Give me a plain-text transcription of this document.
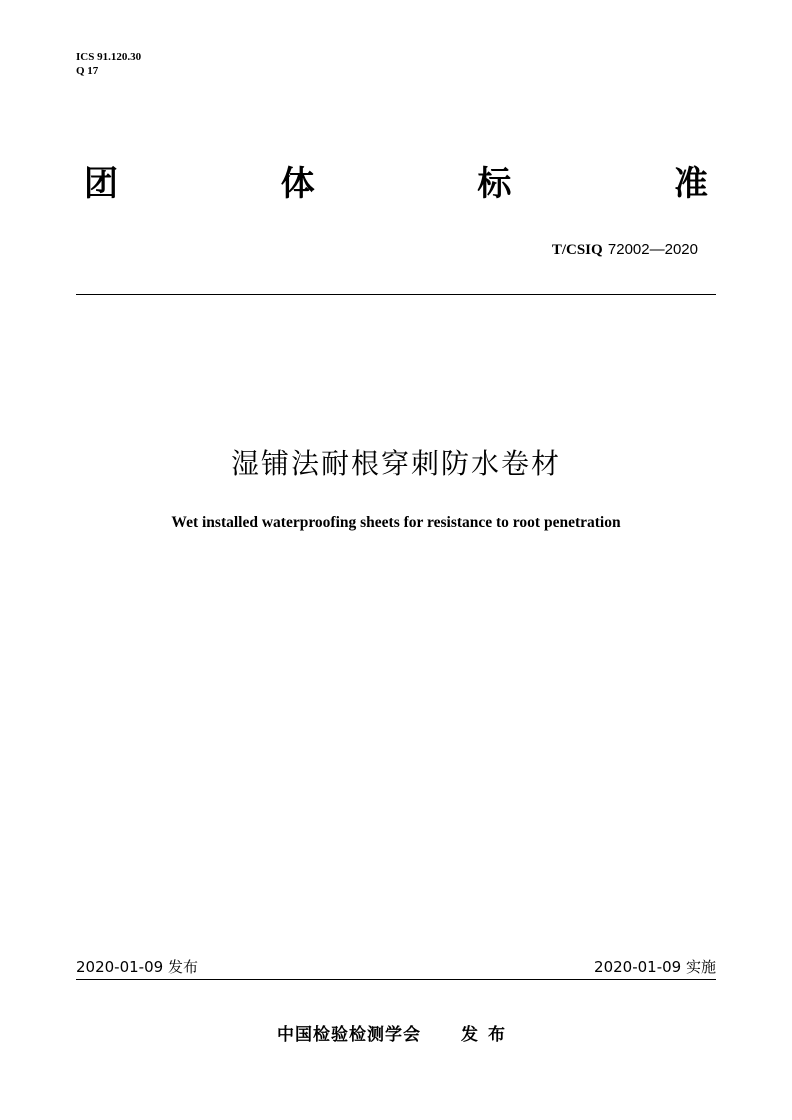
ICS 91.120.30
Q 17
团	体	标	准
T/CSIQ 72002—2020
湿铺法耐根穿刺防水卷材
Wet installed waterproofing sheets for resistance to root penetration
2020-01-09 发布	2020-01-09 实施
中国检验检测学会 发布
